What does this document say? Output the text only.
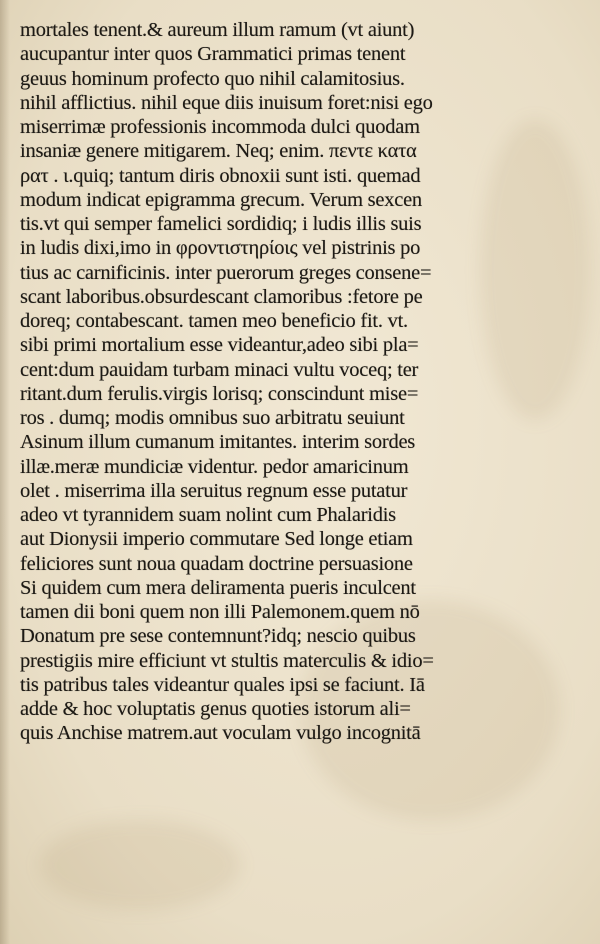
mortales tenent.& aureum illum ramum (vt aiunt)
aucupantur inter quos Grammatici primas tenent
geuus hominum profecto quo nihil calamitosius.
nihil afflictius. nihil eque diis inuisum foret:nisi ego
miserrimæ professionis incommoda dulci quodam
insaniæ genere mitigarem. Neq; enim. πεντε κατα
ρατ . ι.quiq; tantum diris obnoxii sunt isti. quemad
modum indicat epigramma grecum. Verum sexcen
tis.vt qui semper famelici sordidiq; i ludis illis suis
in ludis dixi,imo in φροντιστηρίοις vel pistrinis po
tius ac carnificinis. inter puerorum greges consene=
scant laboribus.obsurdescant clamoribus :fetore pe
doreq; contabescant. tamen meo beneficio fit. vt.
sibi primi mortalium esse videantur,adeo sibi pla=
cent:dum pauidam turbam minaci vultu voceq; ter
ritant.dum ferulis.virgis lorisq; conscindunt mise=
ros . dumq; modis omnibus suo arbitratu seuiunt
Asinum illum cumanum imitantes. interim sordes
illæ.meræ mundiciæ videntur. pedor amaricinum
olet . miserrima illa seruitus regnum esse putatur
adeo vt tyrannidem suam nolint cum Phalaridis
aut Dionysii imperio commutare Sed longe etiam
feliciores sunt noua quadam doctrine persuasione
Si quidem cum mera deliramenta pueris inculcent
tamen dii boni quem non illi Palemonem.quem nō
Donatum pre sese contemnunt?idq; nescio quibus
prestigiis mire efficiunt vt stultis materculis & idio=
tis patribus tales videantur quales ipsi se faciunt. Iā
adde & hoc voluptatis genus quoties istorum ali=
quis Anchise matrem.aut voculam vulgo incognitā
